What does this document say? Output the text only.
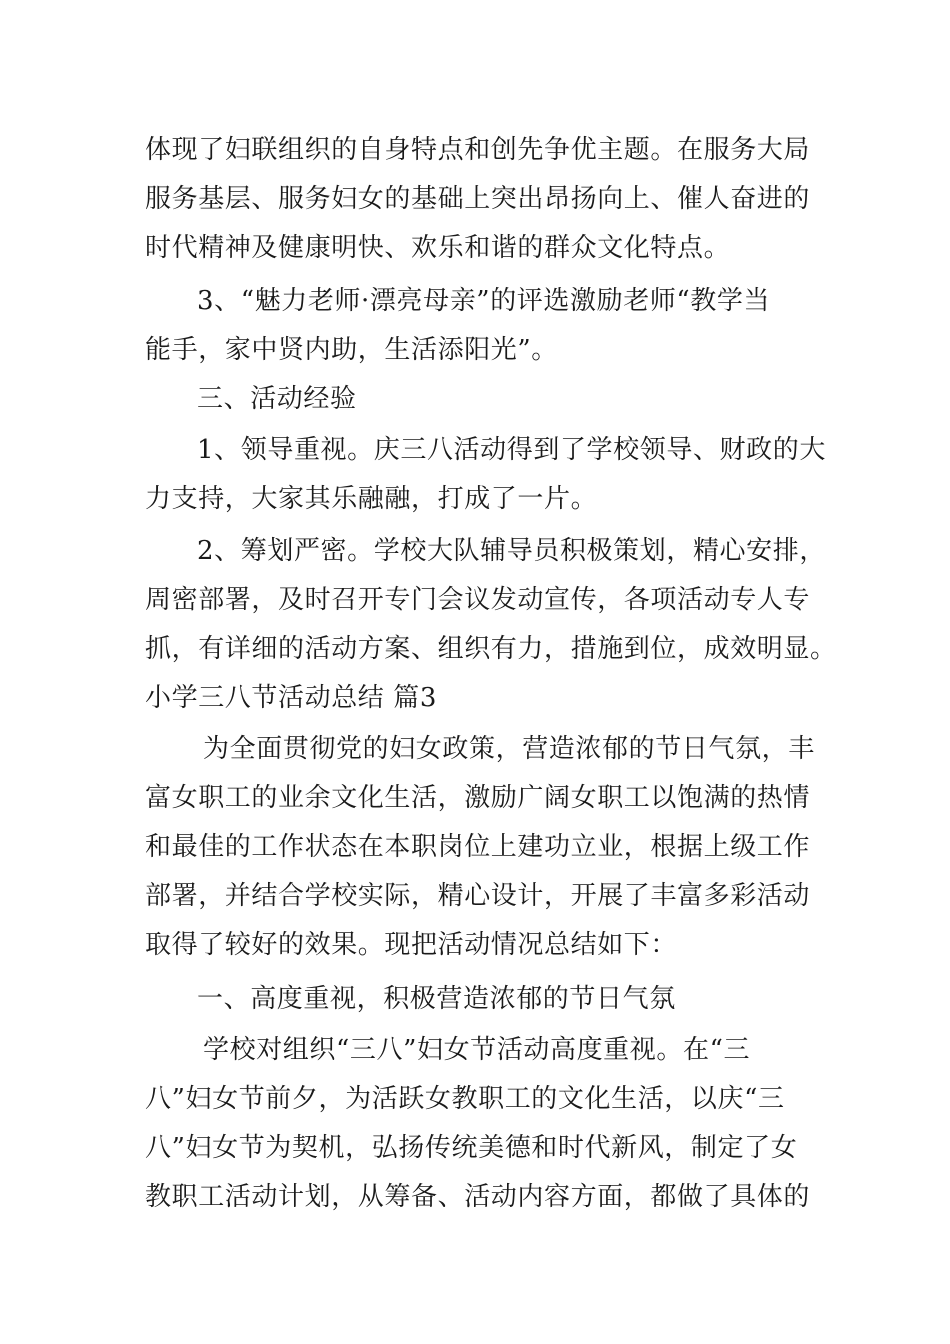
体现了妇联组织的自身特点和创先争优主题。在服务大局
服务基层、服务妇女的基础上突出昂扬向上、催人奋进的
时代精神及健康明快、欢乐和谐的群众文化特点。
3、“魅力老师·漂亮母亲”的评选激励老师“教学当
能手，家中贤内助，生活添阳光”。
三、活动经验
1、领导重视。庆三八活动得到了学校领导、财政的大
力支持，大家其乐融融，打成了一片。
2、筹划严密。学校大队辅导员积极策划，精心安排，
周密部署，及时召开专门会议发动宣传，各项活动专人专
抓，有详细的活动方案、组织有力，措施到位，成效明显。
小学三八节活动总结 篇3
为全面贯彻党的妇女政策，营造浓郁的节日气氛，丰
富女职工的业余文化生活，激励广阔女职工以饱满的热情
和最佳的工作状态在本职岗位上建功立业，根据上级工作
部署，并结合学校实际，精心设计，开展了丰富多彩活动
取得了较好的效果。现把活动情况总结如下：
一、高度重视，积极营造浓郁的节日气氛
学校对组织“三八”妇女节活动高度重视。在“三
八”妇女节前夕，为活跃女教职工的文化生活，以庆“三
八”妇女节为契机，弘扬传统美德和时代新风，制定了女
教职工活动计划，从筹备、活动内容方面，都做了具体的
